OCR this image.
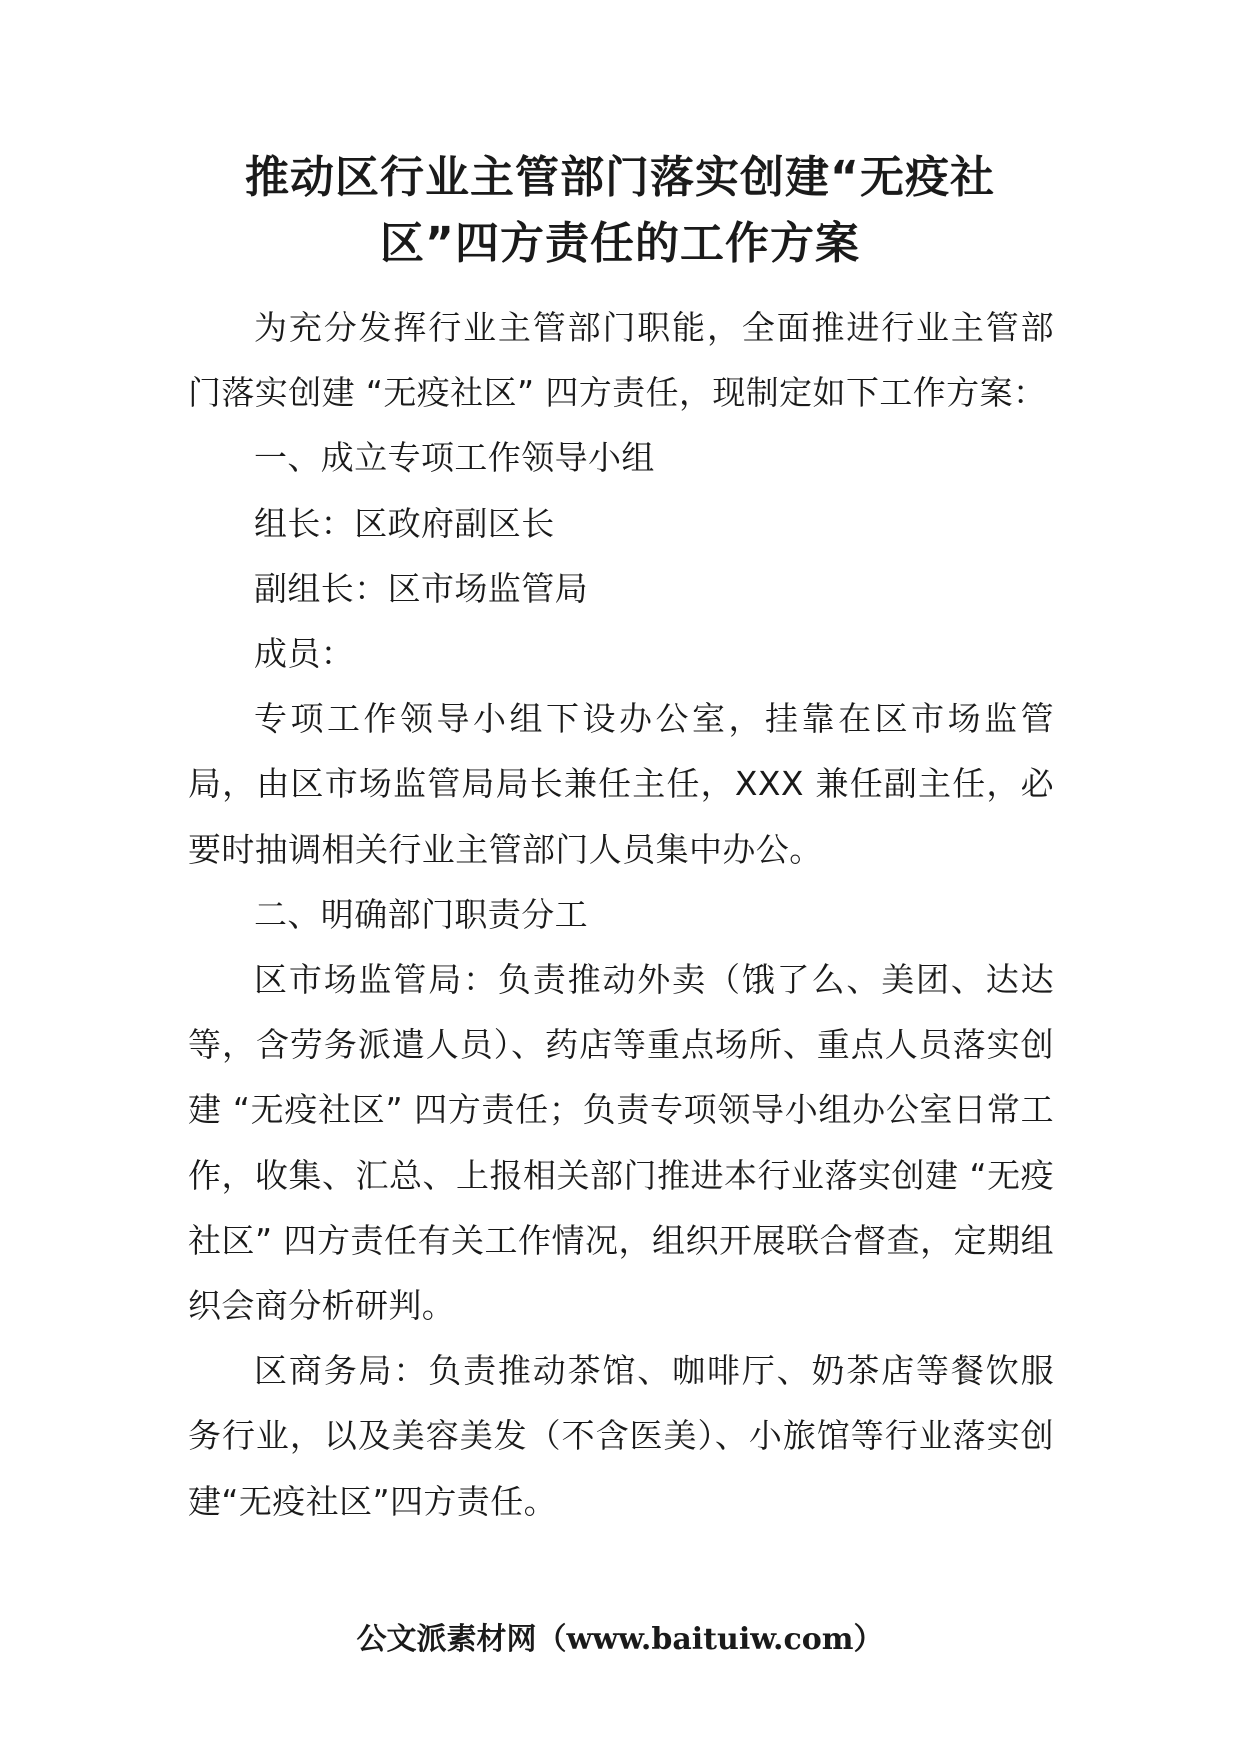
推动区行业主管部门落实创建“无疫社
区”四方责任的工作方案

为充分发挥行业主管部门职能，全面推进行业主管部门落实创建 “无疫社区” 四方责任，现制定如下工作方案：

一、成立专项工作领导小组

组长：区政府副区长

副组长：区市场监管局

成员：

专项工作领导小组下设办公室，挂靠在区市场监管局，由区市场监管局局长兼任主任，XXX 兼任副主任，必要时抽调相关行业主管部门人员集中办公。

二、明确部门职责分工

区市场监管局：负责推动外卖（饿了么、美团、达达等，含劳务派遣人员）、药店等重点场所、重点人员落实创建 “无疫社区” 四方责任；负责专项领导小组办公室日常工作，收集、汇总、上报相关部门推进本行业落实创建 “无疫社区” 四方责任有关工作情况，组织开展联合督查，定期组织会商分析研判。

区商务局：负责推动茶馆、咖啡厅、奶茶店等餐饮服务行业，以及美容美发（不含医美）、小旅馆等行业落实创建“无疫社区”四方责任。

公文派素材网（www.baituiw.com）
